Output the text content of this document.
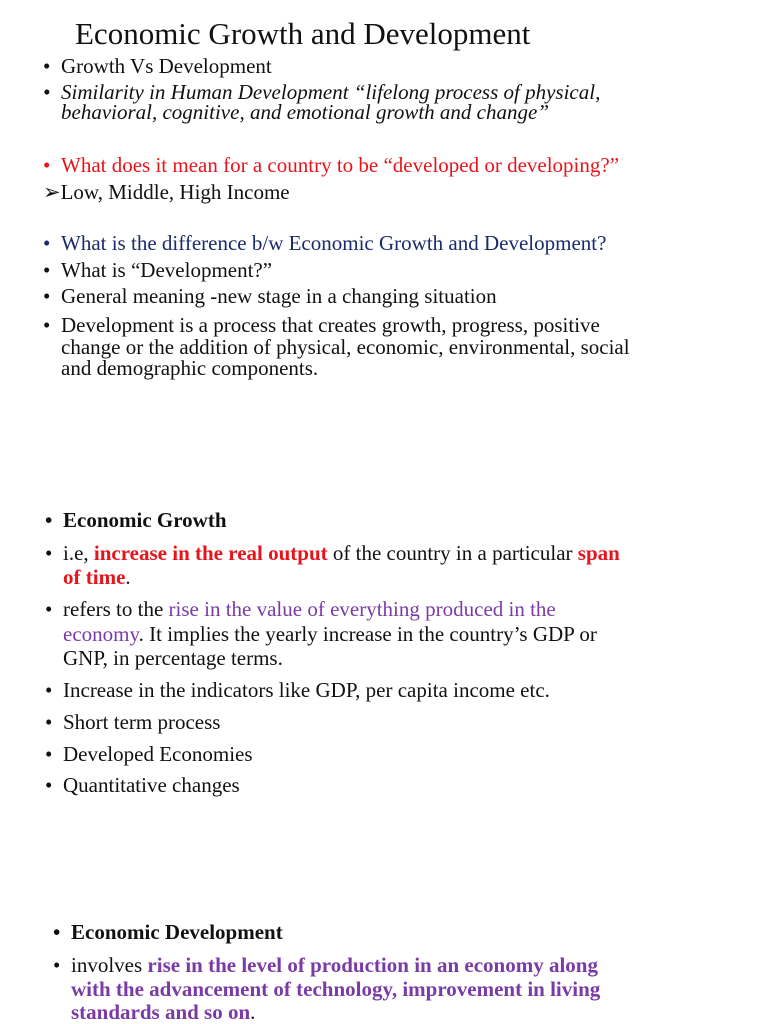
Economic Growth and Development
• Growth Vs Development
• Similarity in Human Development “lifelong process of physical,
behavioral, cognitive, and emotional growth and change”
• What does it mean for a country to be “developed or developing?”
➢Low, Middle, High Income
• What is the difference b/w Economic Growth and Development?
• What is “Development?”
• General meaning -new stage in a changing situation
• Development is a process that creates growth, progress, positive
change or the addition of physical, economic, environmental, social
and demographic components.
• Economic Growth
• i.e, increase in the real output of the country in a particular span
of time.
• refers to the rise in the value of everything produced in the
economy. It implies the yearly increase in the country’s GDP or
GNP, in percentage terms.
• Increase in the indicators like GDP, per capita income etc.
• Short term process
• Developed Economies
• Quantitative changes
• Economic Development
• involves rise in the level of production in an economy along
with the advancement of technology, improvement in living
standards and so on.
